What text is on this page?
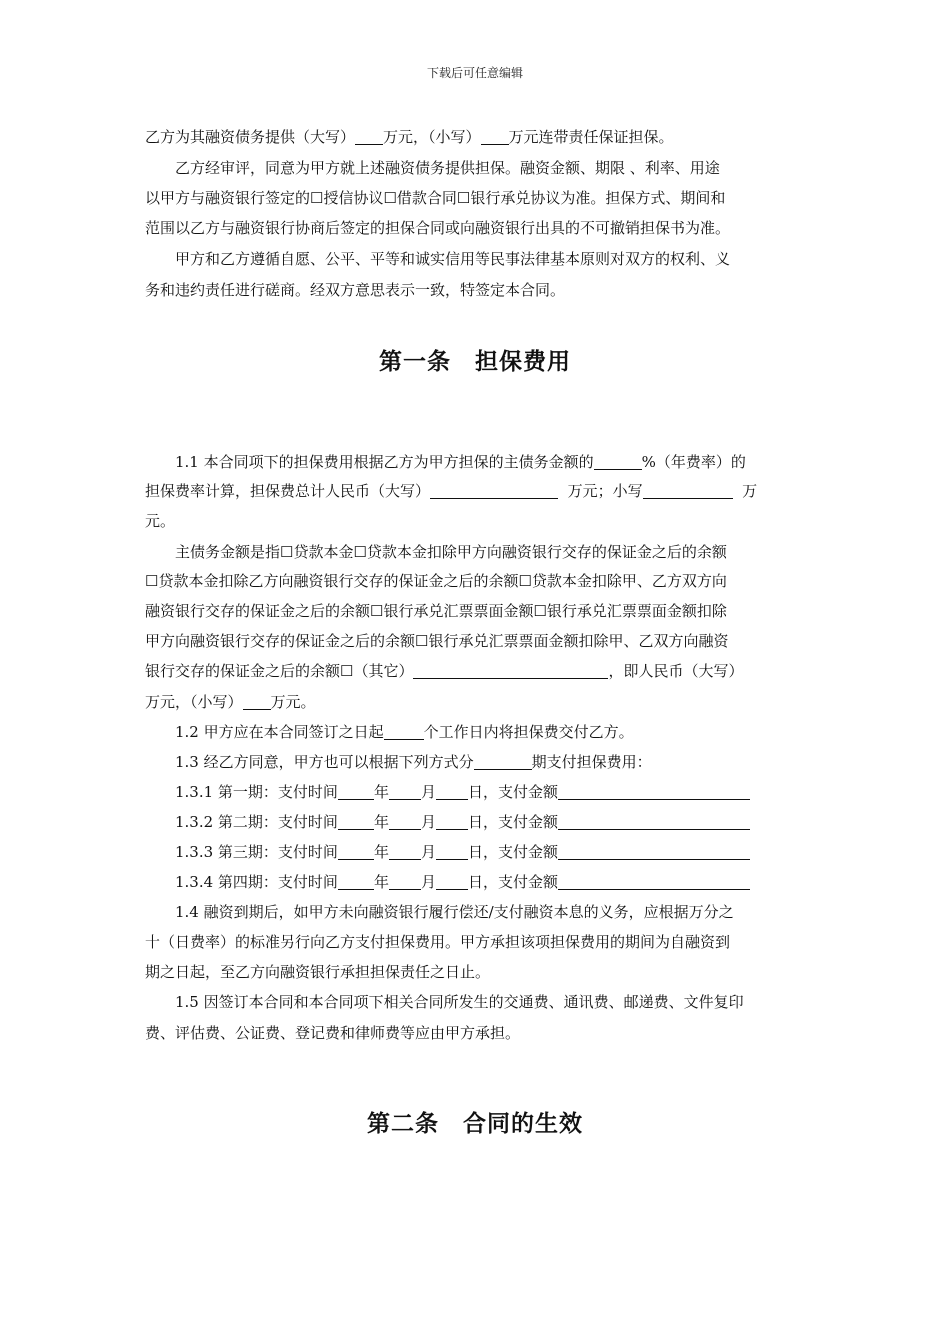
下载后可任意编辑
乙方为其融资债务提供（大写） 万元，（小写） 万元连带责任保证担保。
乙方经审评，同意为甲方就上述融资债务提供担保。融资金额、期限 、利率、用途
以甲方与融资银行签定的☐授信协议☐借款合同☐银行承兑协议为准。担保方式、期间和
范围以乙方与融资银行协商后签定的担保合同或向融资银行出具的不可撤销担保书为准。
甲方和乙方遵循自愿、公平、平等和诚实信用等民事法律基本原则对双方的权利、义
务和违约责任进行磋商。经双方意思表示一致，特签定本合同。
第一条　担保费用
1.1 本合同项下的担保费用根据乙方为甲方担保的主债务金额的	%（年费率）的
担保费率计算，担保费总计人民币（大写）	万元；小写	万
元。
主债务金额是指☐贷款本金☐贷款本金扣除甲方向融资银行交存的保证金之后的余额
☐贷款本金扣除乙方向融资银行交存的保证金之后的余额☐贷款本金扣除甲、乙方双方向
融资银行交存的保证金之后的余额☐银行承兑汇票票面金额☐银行承兑汇票票面金额扣除
甲方向融资银行交存的保证金之后的余额☐银行承兑汇票票面金额扣除甲、乙双方向融资
银行交存的保证金之后的余额☐（其它）	，即人民币（大写）
万元，（小写） 万元。
1.2 甲方应在本合同签订之日起	个工作日内将担保费交付乙方。
1.3 经乙方同意，甲方也可以根据下列方式分	期支付担保费用：
1.3.1 第一期：支付时间 年 月 日，支付金额
1.3.2 第二期：支付时间 年 月 日，支付金额
1.3.3 第三期：支付时间 年 月 日，支付金额
1.3.4 第四期：支付时间 年 月 日，支付金额
1.4 融资到期后，如甲方未向融资银行履行偿还/支付融资本息的义务，应根据万分之
十（日费率）的标准另行向乙方支付担保费用。甲方承担该项担保费用的期间为自融资到
期之日起，至乙方向融资银行承担担保责任之日止。
1.5 因签订本合同和本合同项下相关合同所发生的交通费、通讯费、邮递费、文件复印
费、评估费、公证费、登记费和律师费等应由甲方承担。
第二条　合同的生效
